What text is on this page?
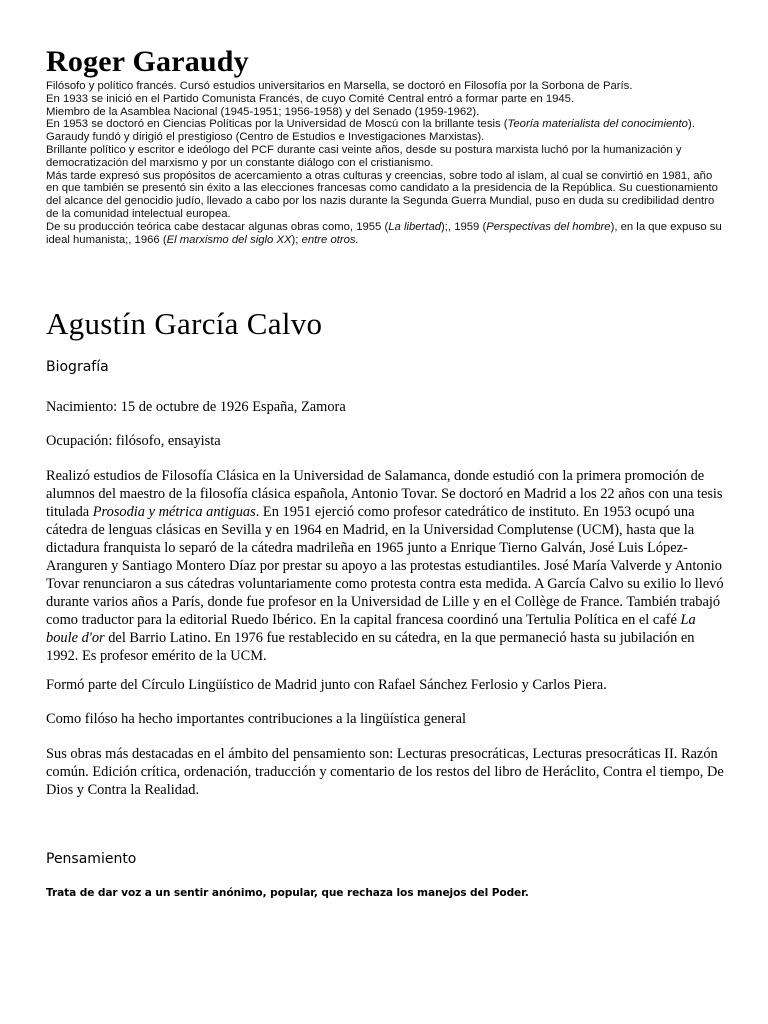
Roger Garaudy
Filósofo y político francés. Cursó estudios universitarios en Marsella, se doctoró en Filosofía por la Sorbona de París.
En 1933 se inició en el Partido Comunista Francés, de cuyo Comité Central entró a formar parte en 1945.
Miembro de la Asamblea Nacional (1945-1951; 1956-1958) y del Senado (1959-1962).
En 1953 se doctoró en Ciencias Políticas por la Universidad de Moscú con la brillante tesis (Teoría materialista del conocimiento).
Garaudy fundó y dirigió el prestigioso (Centro de Estudios e Investigaciones Marxistas).
Brillante político y escritor e ideólogo del PCF durante casi veinte años, desde su postura marxista luchó por la humanización y democratización del marxismo y por un constante diálogo con el cristianismo.
Más tarde expresó sus propósitos de acercamiento a otras culturas y creencias, sobre todo al islam, al cual se convirtió en 1981, año en que también se presentó sin éxito a las elecciones francesas como candidato a la presidencia de la República. Su cuestionamiento del alcance del genocidio judío, llevado a cabo por los nazis durante la Segunda Guerra Mundial, puso en duda su credibilidad dentro de la comunidad intelectual europea.
De su producción teórica cabe destacar algunas obras como, 1955 (La libertad);, 1959 (Perspectivas del hombre), en la que expuso su ideal humanista;, 1966 (El marxismo del siglo XX); entre otros.
Agustín García Calvo
Biografía

Nacimiento: 15 de octubre de 1926 España, Zamora

Ocupación: filósofo, ensayista

Realizó estudios de Filosofía Clásica en la Universidad de Salamanca, donde estudió con la primera promoción de alumnos del maestro de la filosofía clásica española, Antonio Tovar. Se doctoró en Madrid a los 22 años con una tesis titulada Prosodia y métrica antiguas. En 1951 ejerció como profesor catedrático de instituto. En 1953 ocupó una cátedra de lenguas clásicas en Sevilla y en 1964 en Madrid, en la Universidad Complutense (UCM), hasta que la dictadura franquista lo separó de la cátedra madrileña en 1965 junto a Enrique Tierno Galván, José Luis López-Aranguren y Santiago Montero Díaz por prestar su apoyo a las protestas estudiantiles. José María Valverde y Antonio Tovar renunciaron a sus cátedras voluntariamente como protesta contra esta medida. A García Calvo su exilio lo llevó durante varios años a París, donde fue profesor en la Universidad de Lille y en el Collège de France. También trabajó como traductor para la editorial Ruedo Ibérico. En la capital francesa coordinó una Tertulia Política en el café La boule d'or del Barrio Latino. En 1976 fue restablecido en su cátedra, en la que permaneció hasta su jubilación en 1992. Es profesor emérito de la UCM.

Formó parte del Círculo Lingüístico de Madrid junto con Rafael Sánchez Ferlosio y Carlos Piera.

Como filóso ha hecho importantes contribuciones a la lingüística general

Sus obras más destacadas en el ámbito del pensamiento son: Lecturas presocráticas, Lecturas presocráticas II. Razón común. Edición crítica, ordenación, traducción y comentario de los restos del libro de Heráclito, Contra el tiempo, De Dios y Contra la Realidad.

Pensamiento

Trata de dar voz a un sentir anónimo, popular, que rechaza los manejos del Poder.
